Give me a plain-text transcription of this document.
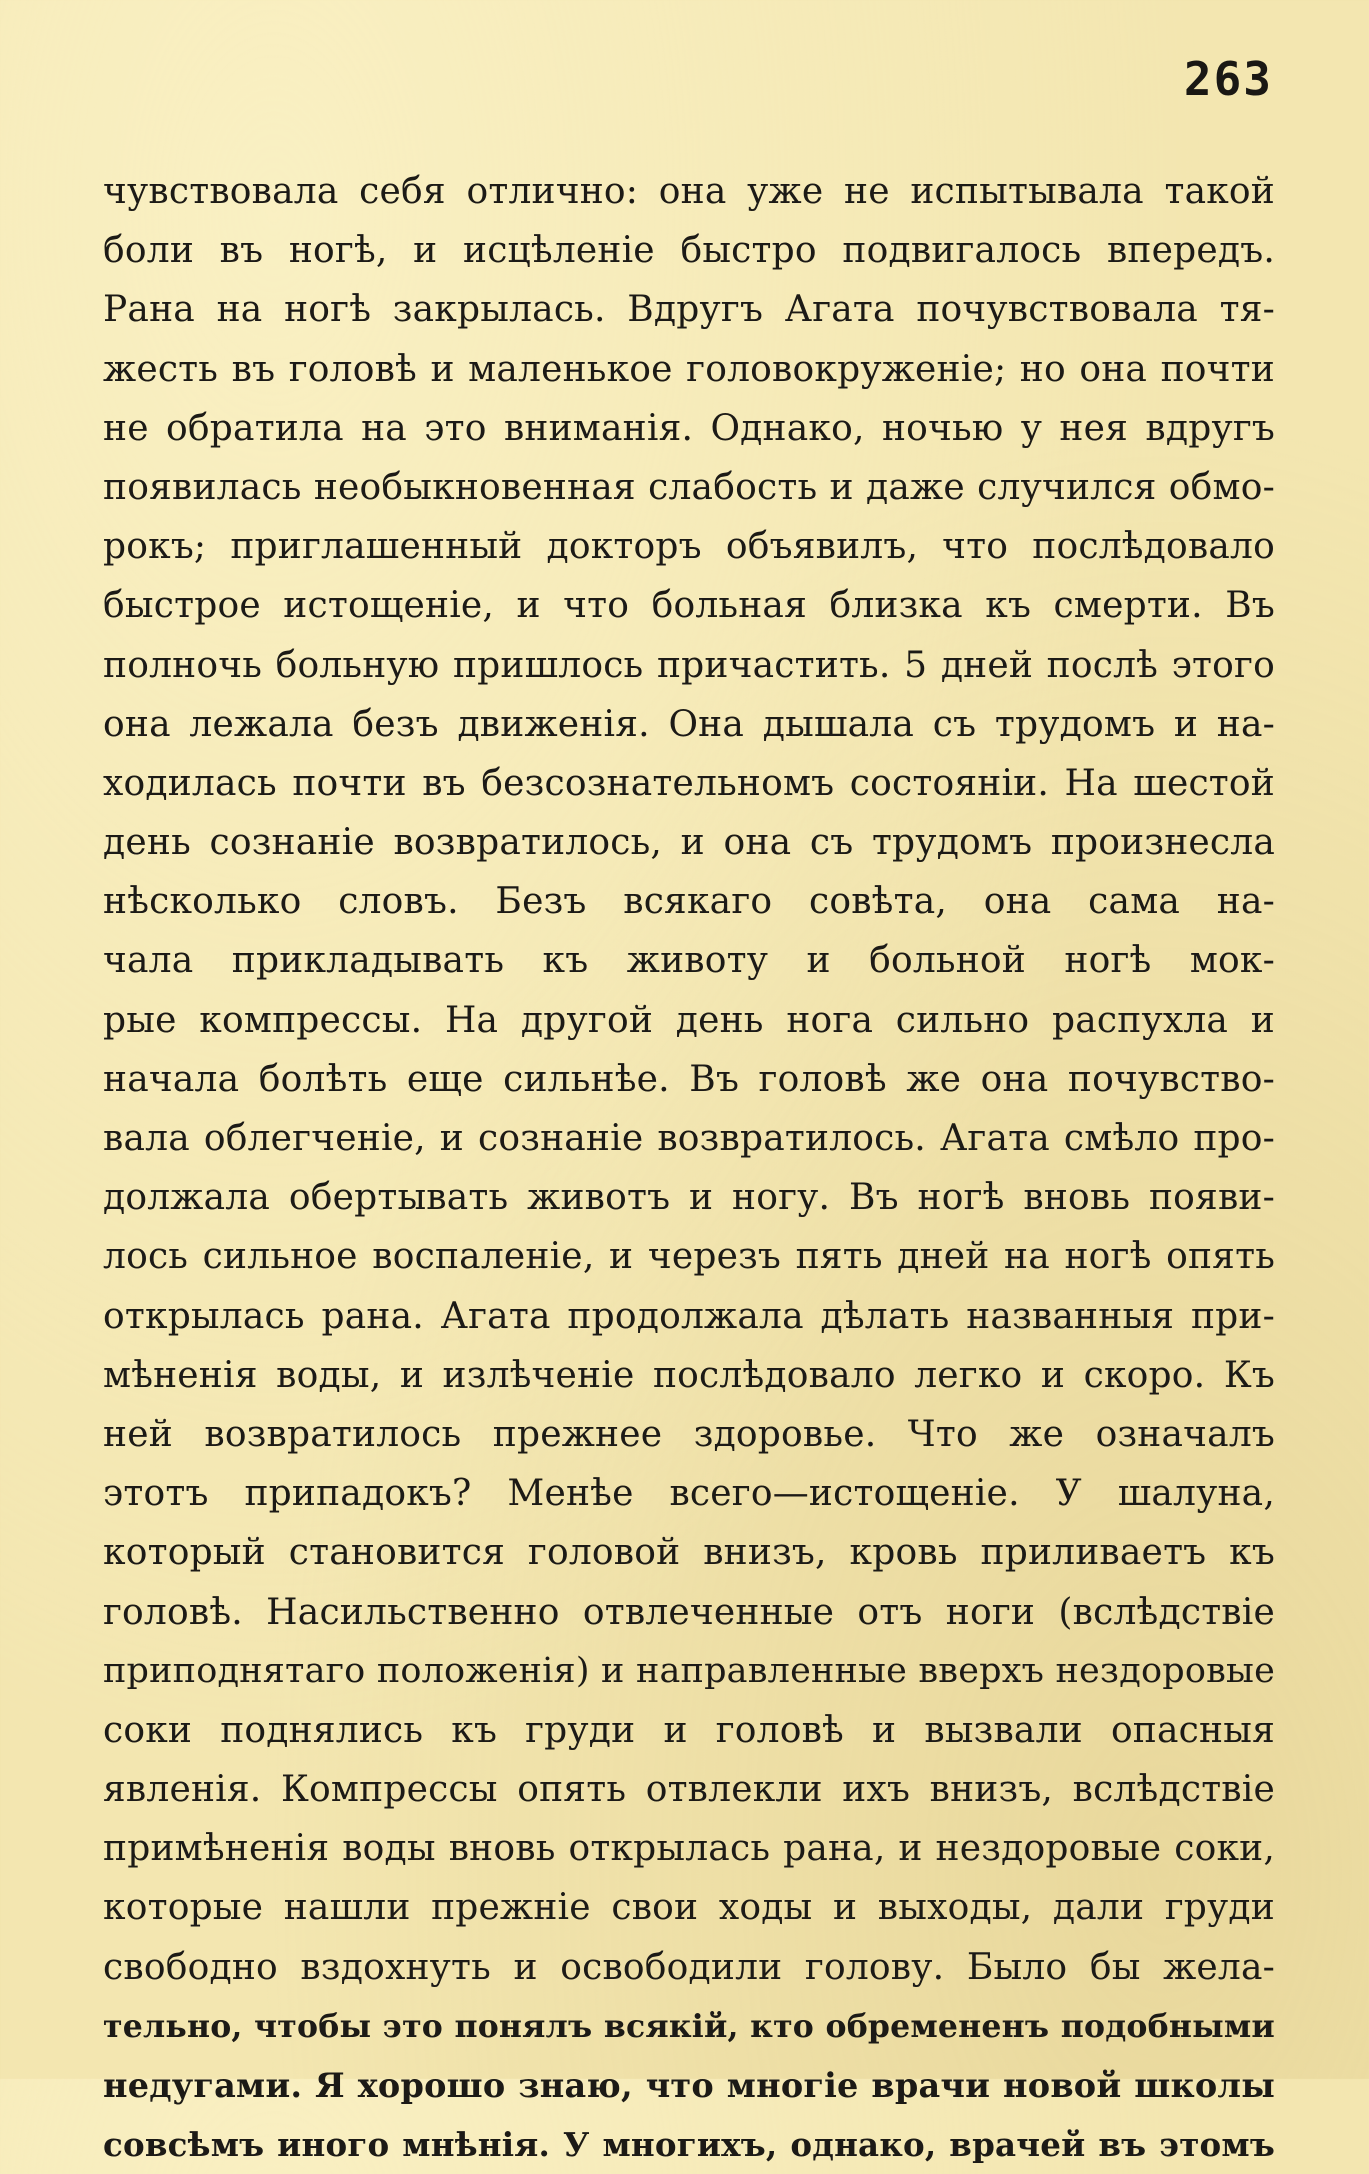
263
чувствовала себя отлично: она уже не испытывала такой
боли въ ногѣ, и исцѣленіе быстро подвигалось впередъ.
Рана на ногѣ закрылась. Вдругъ Агата почувствовала тя-
жесть въ головѣ и маленькое головокруженіе; но она почти
не обратила на это вниманія. Однако, ночью у нея вдругъ
появилась необыкновенная слабость и даже случился обмо-
рокъ; приглашенный докторъ объявилъ, что послѣдовало
быстрое истощеніе, и что больная близка къ смерти. Въ
полночь больную пришлось причастить. 5 дней послѣ этого
она лежала безъ движенія. Она дышала съ трудомъ и на-
ходилась почти въ безсознательномъ состояніи. На шестой
день сознаніе возвратилось, и она съ трудомъ произнесла
нѣсколько словъ. Безъ всякаго совѣта, она сама на-
чала прикладывать къ животу и больной ногѣ мок-
рые компрессы. На другой день нога сильно распухла и
начала болѣть еще сильнѣе. Въ головѣ же она почувство-
вала облегченіе, и сознаніе возвратилось. Агата смѣло про-
должала обертывать животъ и ногу. Въ ногѣ вновь появи-
лось сильное воспаленіе, и черезъ пять дней на ногѣ опять
открылась рана. Агата продолжала дѣлать названныя при-
мѣненія воды, и излѣченіе послѣдовало легко и скоро. Къ
ней возвратилось прежнее здоровье. Что же означалъ
этотъ припадокъ? Менѣе всего—истощеніе. У шалуна,
который становится головой внизъ, кровь приливаетъ къ
головѣ. Насильственно отвлеченные отъ ноги (вслѣдствіе
приподнятаго положенія) и направленные вверхъ нездоровые
соки поднялись къ груди и головѣ и вызвали опасныя
явленія. Компрессы опять отвлекли ихъ внизъ, вслѣдствіе
примѣненія воды вновь открылась рана, и нездоровые соки,
которые нашли прежніе свои ходы и выходы, дали груди
свободно вздохнуть и освободили голову. Было бы жела-
тельно, чтобы это понялъ всякій, кто обремененъ подобными
недугами. Я хорошо знаю, что многіе врачи новой школы
совсѣмъ иного мнѣнія. У многихъ, однако, врачей въ этомъ
